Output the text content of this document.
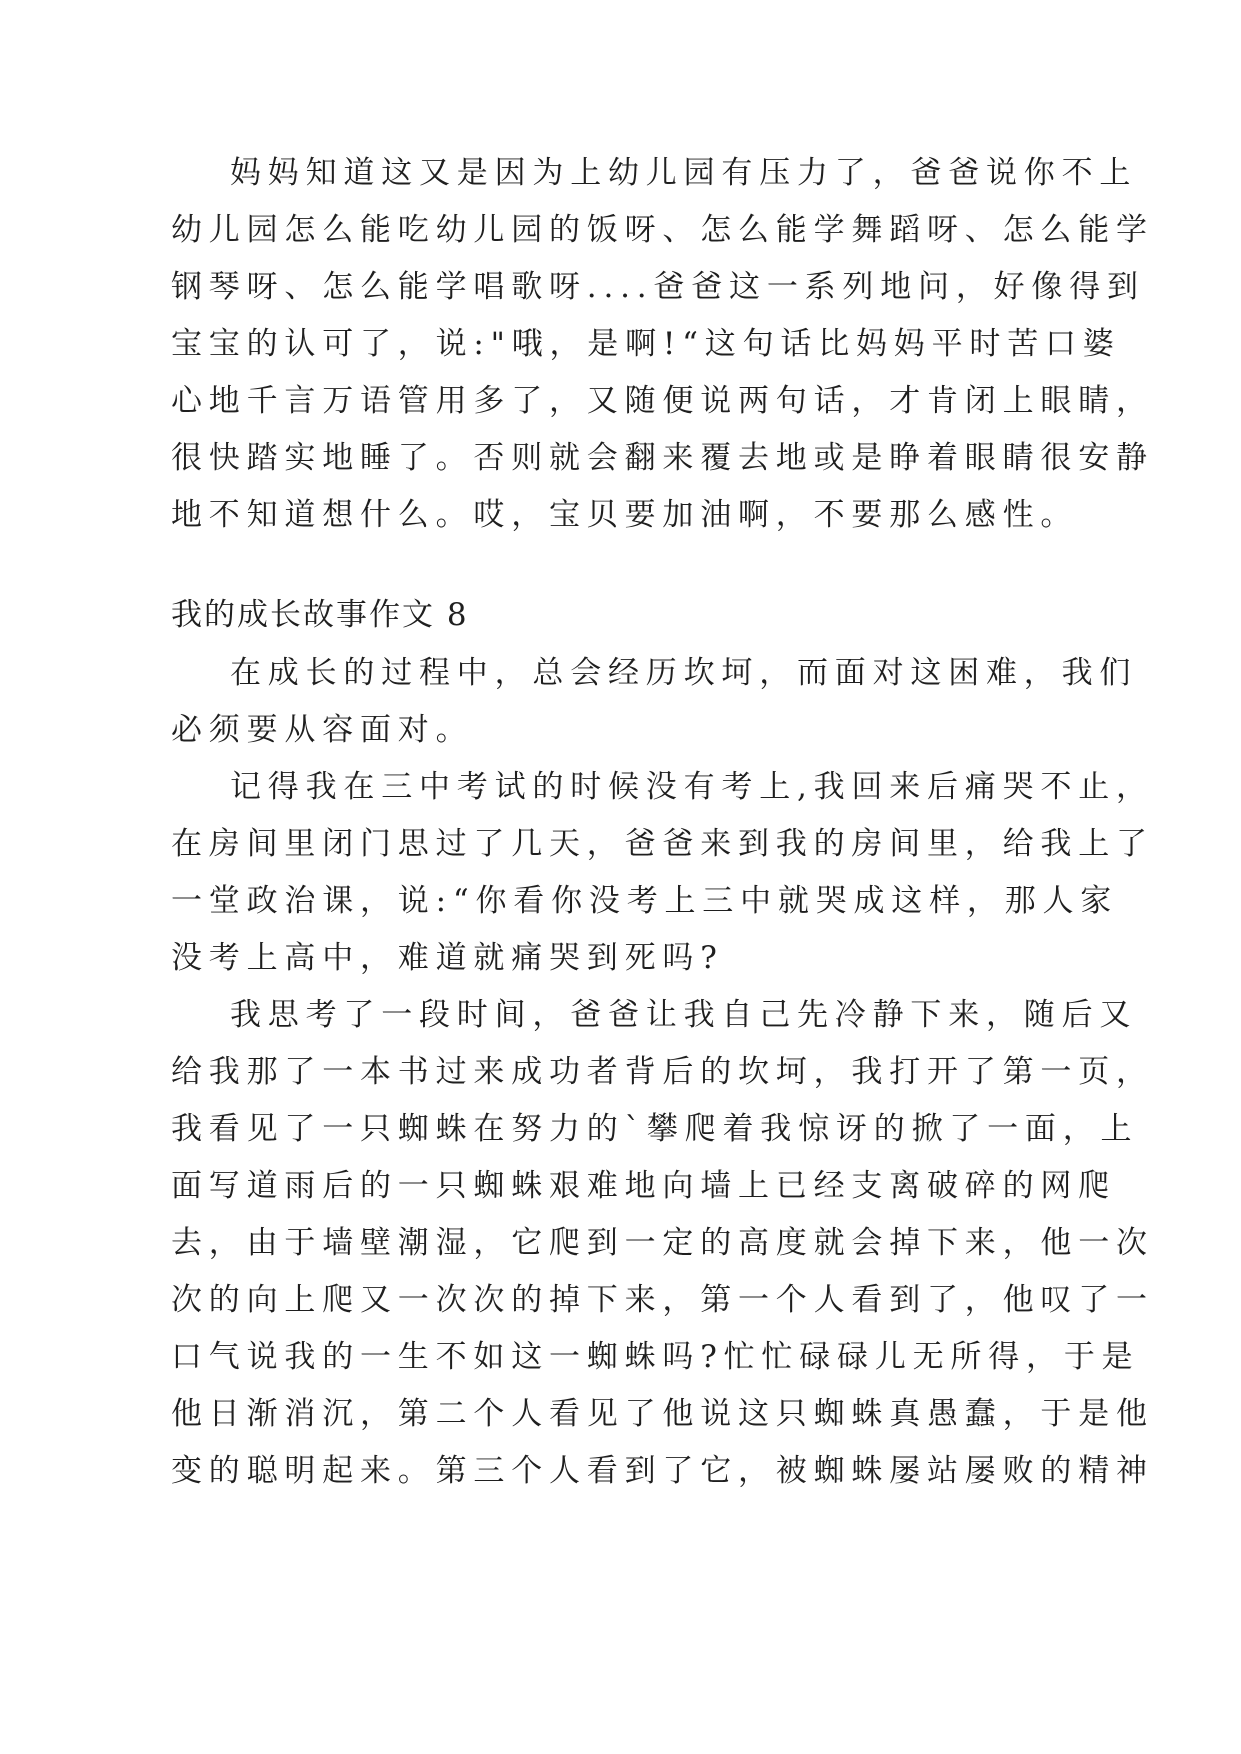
妈妈知道这又是因为上幼儿园有压力了，爸爸说你不上

幼儿园怎么能吃幼儿园的饭呀、怎么能学舞蹈呀、怎么能学

钢琴呀、怎么能学唱歌呀....爸爸这一系列地问，好像得到

宝宝的认可了，说:"哦，是啊!“这句话比妈妈平时苦口婆

心地千言万语管用多了，又随便说两句话，才肯闭上眼睛，

很快踏实地睡了。否则就会翻来覆去地或是睁着眼睛很安静

地不知道想什么。哎，宝贝要加油啊，不要那么感性。

我的成长故事作文 8

在成长的过程中，总会经历坎坷，而面对这困难，我们

必须要从容面对。

记得我在三中考试的时候没有考上,我回来后痛哭不止，

在房间里闭门思过了几天，爸爸来到我的房间里，给我上了

一堂政治课，说:“你看你没考上三中就哭成这样，那人家

没考上高中，难道就痛哭到死吗?

我思考了一段时间，爸爸让我自己先冷静下来，随后又

给我那了一本书过来成功者背后的坎坷，我打开了第一页，

我看见了一只蜘蛛在努力的`攀爬着我惊讶的掀了一面，上

面写道雨后的一只蜘蛛艰难地向墙上已经支离破碎的网爬

去，由于墙壁潮湿，它爬到一定的高度就会掉下来，他一次

次的向上爬又一次次的掉下来，第一个人看到了，他叹了一

口气说我的一生不如这一蜘蛛吗?忙忙碌碌儿无所得，于是

他日渐消沉，第二个人看见了他说这只蜘蛛真愚蠢，于是他

变的聪明起来。第三个人看到了它，被蜘蛛屡站屡败的精神
